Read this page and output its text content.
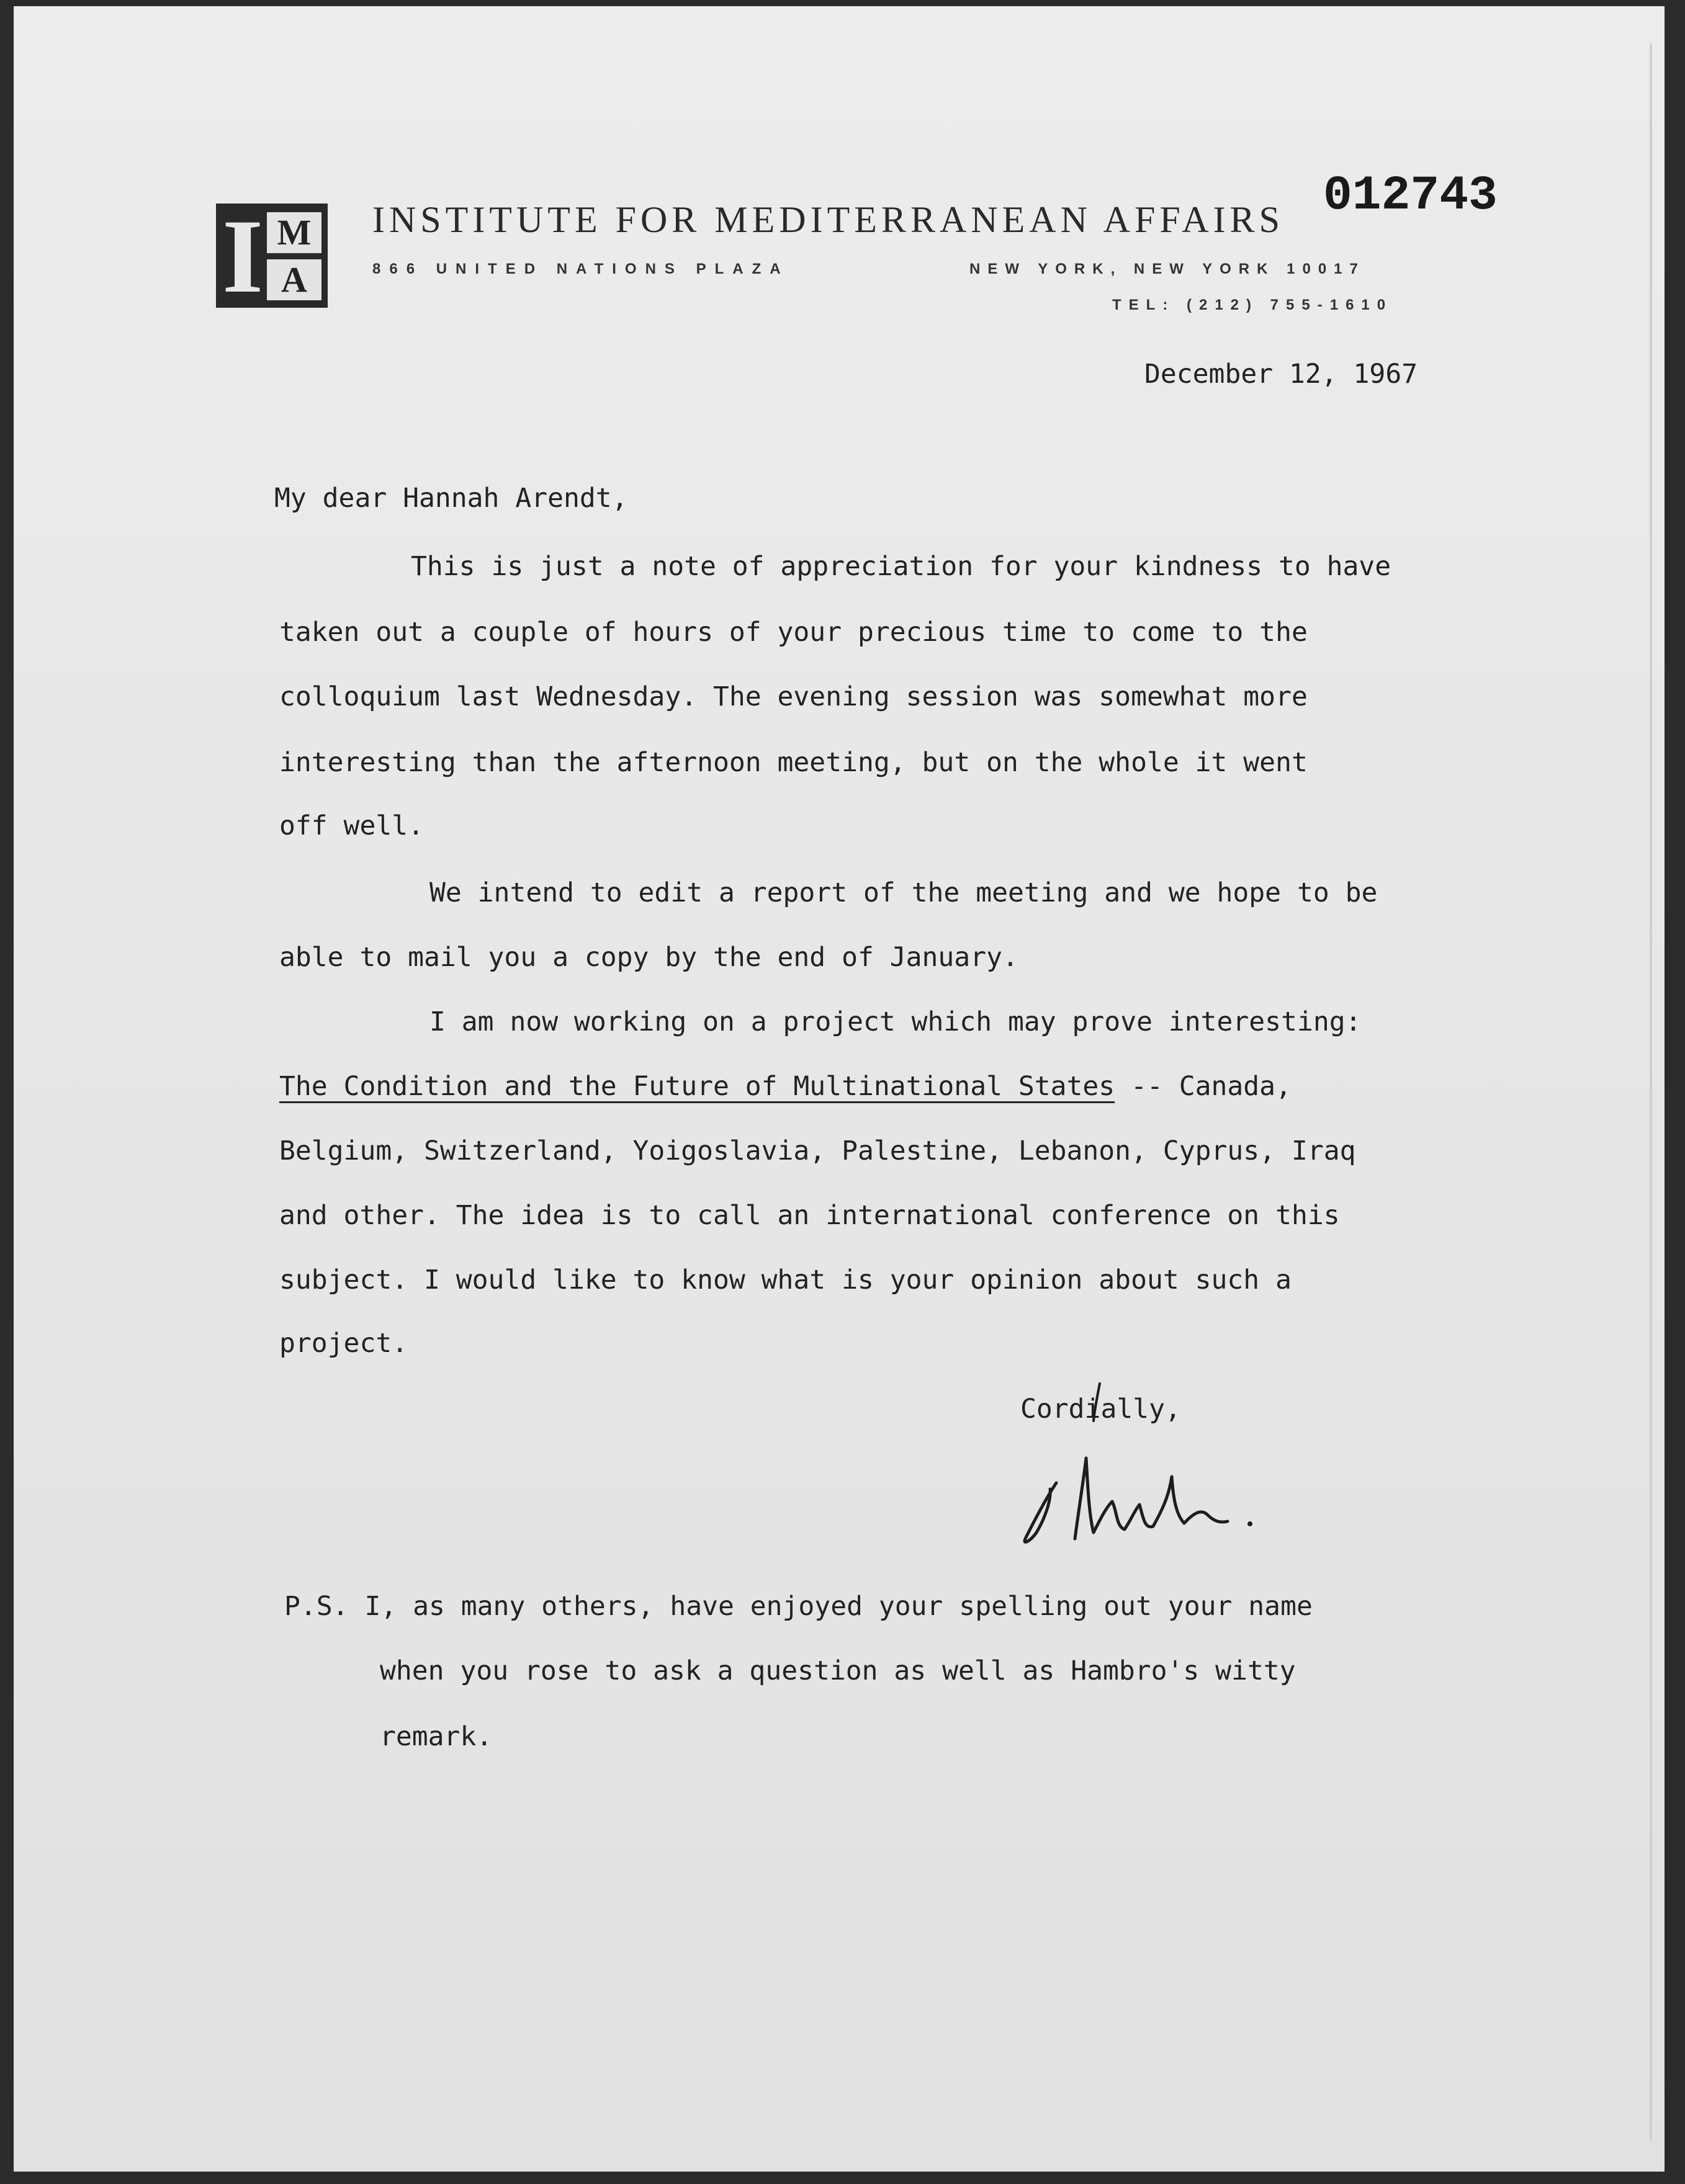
I M
A
INSTITUTE FOR MEDITERRANEAN AFFAIRS
866 UNITED NATIONS PLAZA	NEW YORK, NEW YORK 10017
TEL: (212) 755-1610
012743
December 12, 1967
My dear Hannah Arendt,
This is just a note of appreciation for your kindness to have
taken out a couple of hours of your precious time to come to the
colloquium last Wednesday. The evening session was somewhat more
interesting than the afternoon meeting, but on the whole it went
off well.
We intend to edit a report of the meeting and we hope to be
able to mail you a copy by the end of January.
I am now working on a project which may prove interesting:
The Condition and the Future of Multinational States -- Canada,
Belgium, Switzerland, Yoigoslavia, Palestine, Lebanon, Cyprus, Iraq
and other. The idea is to call an international conference on this
subject. I would like to know what is your opinion about such a
project.
Cordially,
P.S. I, as many others, have enjoyed your spelling out your name
when you rose to ask a question as well as Hambro's witty
remark.
